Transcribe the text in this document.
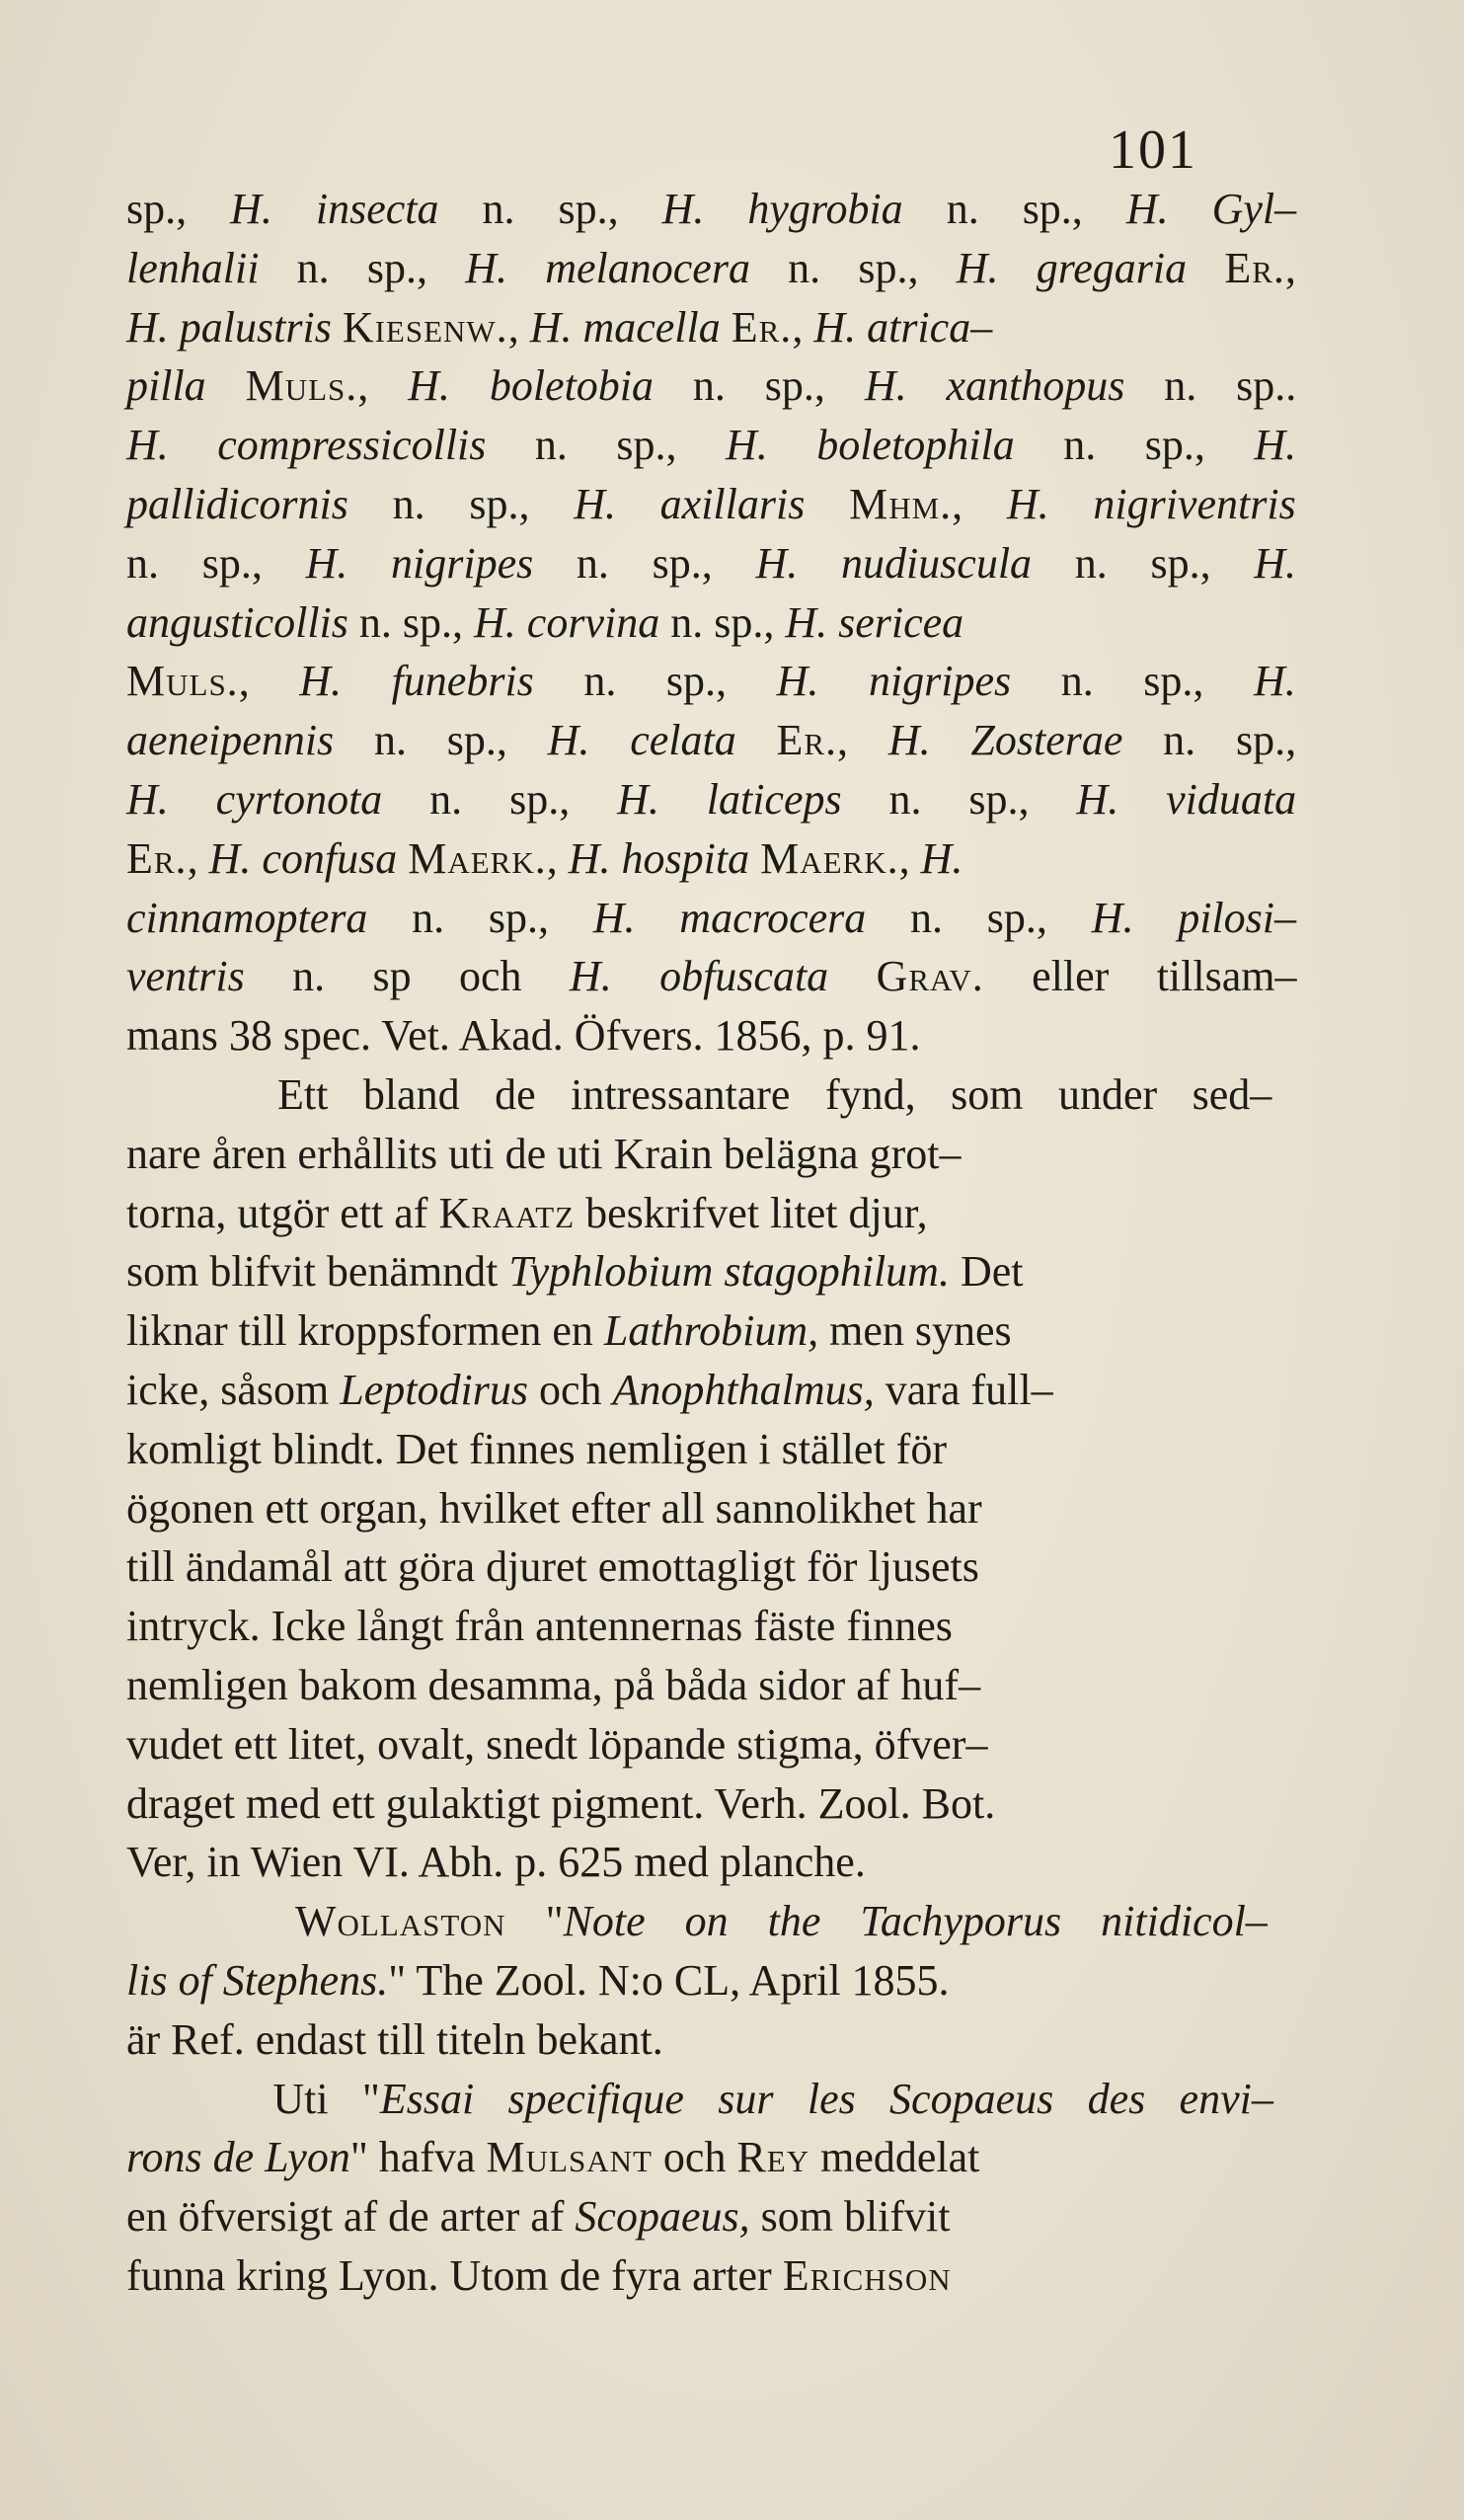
101
sp., H. insecta n. sp., H. hygrobia n. sp., H. Gyl–
lenhalii n. sp., H. melanocera n. sp., H. gregaria Er.,
H. palustris Kiesenw., H. macella Er., H. atrica–
pilla Muls., H. boletobia n. sp., H. xanthopus n. sp..
H. compressicollis n. sp., H. boletophila n. sp., H.
pallidicornis n. sp., H. axillaris Mhm., H. nigriventris
n. sp., H. nigripes n. sp., H. nudiuscula n. sp., H.
angusticollis n. sp., H. corvina n. sp., H. sericea
Muls., H. funebris n. sp., H. nigripes n. sp., H.
aeneipennis n. sp., H. celata Er., H. Zosterae n. sp.,
H. cyrtonota n. sp., H. laticeps n. sp., H. viduata
Er., H. confusa Maerk., H. hospita Maerk., H.
cinnamoptera n. sp., H. macrocera n. sp., H. pilosi–
ventris n. sp och H. obfuscata Grav. eller tillsam–
mans 38 spec. Vet. Akad. Öfvers. 1856, p. 91.
Ett bland de intressantare fynd, som under sed–
nare åren erhållits uti de uti Krain belägna grot–
torna, utgör ett af Kraatz beskrifvet litet djur,
som blifvit benämndt Typhlobium stagophilum. Det
liknar till kroppsformen en Lathrobium, men synes
icke, såsom Leptodirus och Anophthalmus, vara full–
komligt blindt. Det finnes nemligen i stället för
ögonen ett organ, hvilket efter all sannolikhet har
till ändamål att göra djuret emottagligt för ljusets
intryck. Icke långt från antennernas fäste finnes
nemligen bakom desamma, på båda sidor af huf–
vudet ett litet, ovalt, snedt löpande stigma, öfver–
draget med ett gulaktigt pigment. Verh. Zool. Bot.
Ver, in Wien VI. Abh. p. 625 med planche.
Wollaston "Note on the Tachyporus nitidicol–
lis of Stephens." The Zool. N:o CL, April 1855.
är Ref. endast till titeln bekant.
Uti "Essai specifique sur les Scopaeus des envi–
rons de Lyon" hafva Mulsant och Rey meddelat
en öfversigt af de arter af Scopaeus, som blifvit
funna kring Lyon. Utom de fyra arter Erichson
